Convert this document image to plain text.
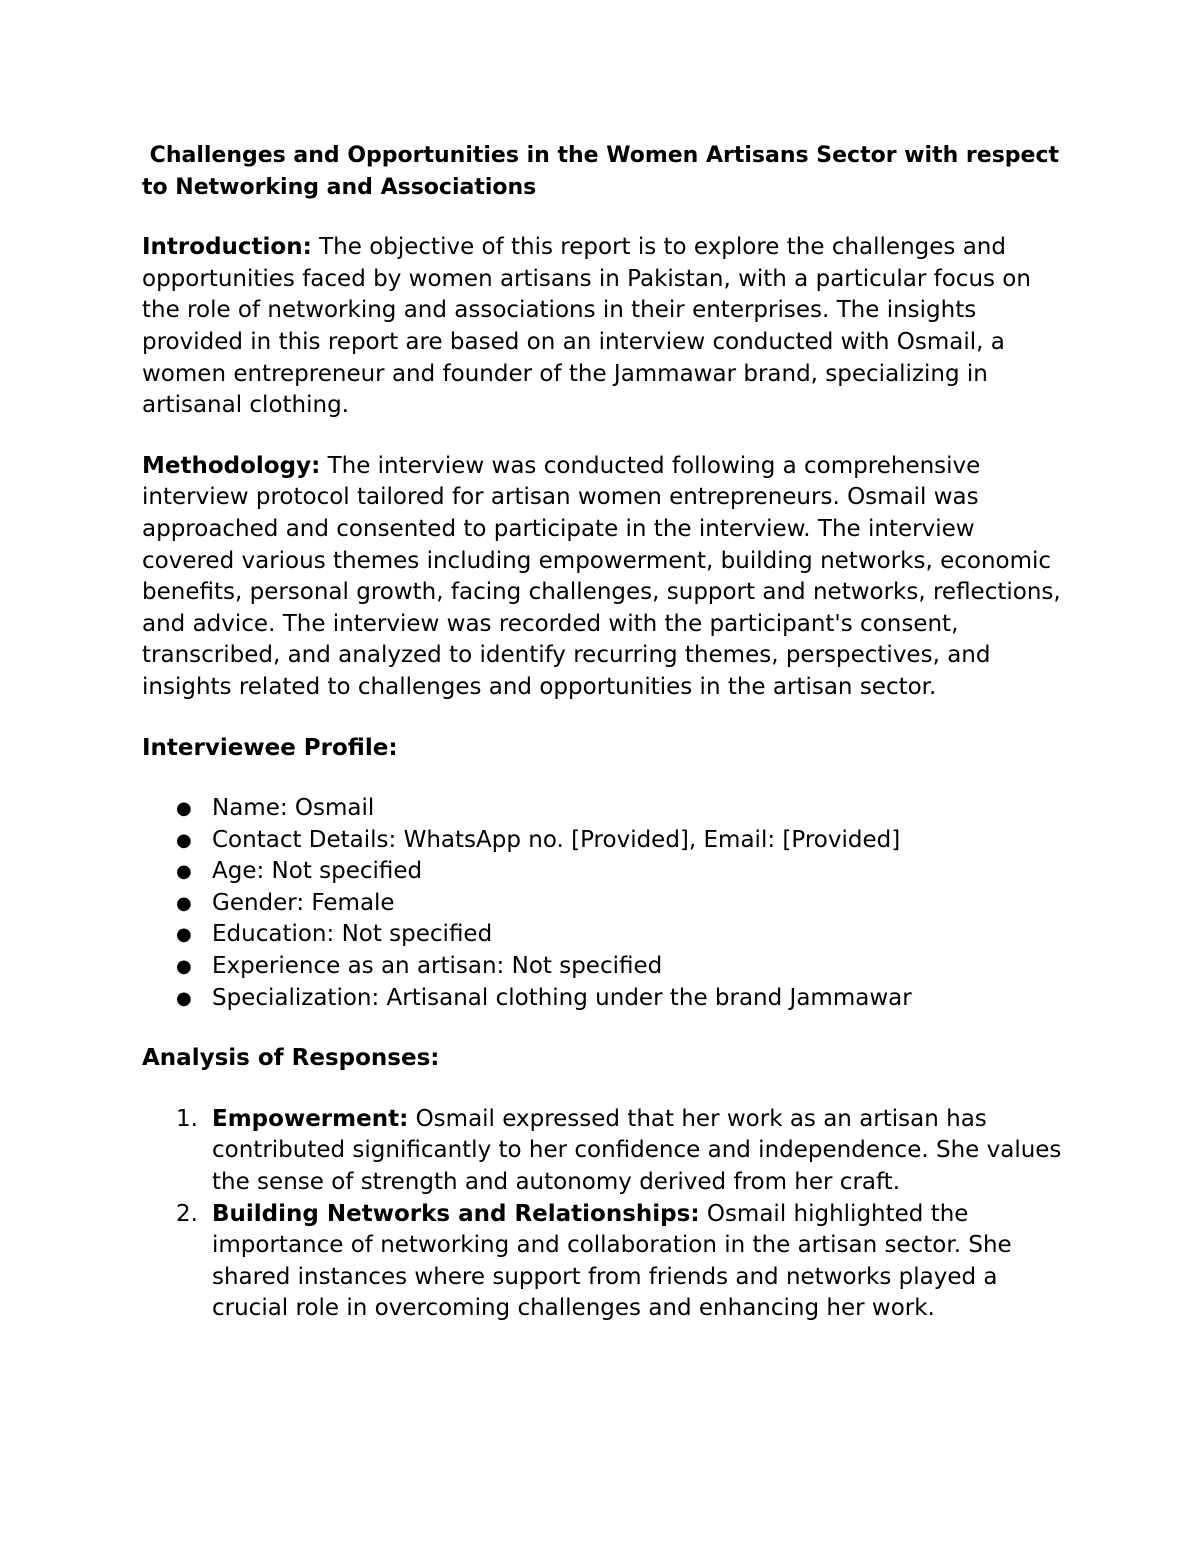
Challenges and Opportunities in the Women Artisans Sector with respect to Networking and Associations
Introduction: The objective of this report is to explore the challenges and opportunities faced by women artisans in Pakistan, with a particular focus on the role of networking and associations in their enterprises. The insights provided in this report are based on an interview conducted with Osmail, a women entrepreneur and founder of the Jammawar brand, specializing in artisanal clothing.
Methodology: The interview was conducted following a comprehensive interview protocol tailored for artisan women entrepreneurs. Osmail was approached and consented to participate in the interview. The interview covered various themes including empowerment, building networks, economic benefits, personal growth, facing challenges, support and networks, reflections, and advice. The interview was recorded with the participant's consent, transcribed, and analyzed to identify recurring themes, perspectives, and insights related to challenges and opportunities in the artisan sector.
Interviewee Profile:
● Name: Osmail
● Contact Details: WhatsApp no. [Provided], Email: [Provided]
● Age: Not specified
● Gender: Female
● Education: Not specified
● Experience as an artisan: Not specified
● Specialization: Artisanal clothing under the brand Jammawar
Analysis of Responses:
1. Empowerment: Osmail expressed that her work as an artisan has contributed significantly to her confidence and independence. She values the sense of strength and autonomy derived from her craft.
2. Building Networks and Relationships: Osmail highlighted the importance of networking and collaboration in the artisan sector. She shared instances where support from friends and networks played a crucial role in overcoming challenges and enhancing her work.
